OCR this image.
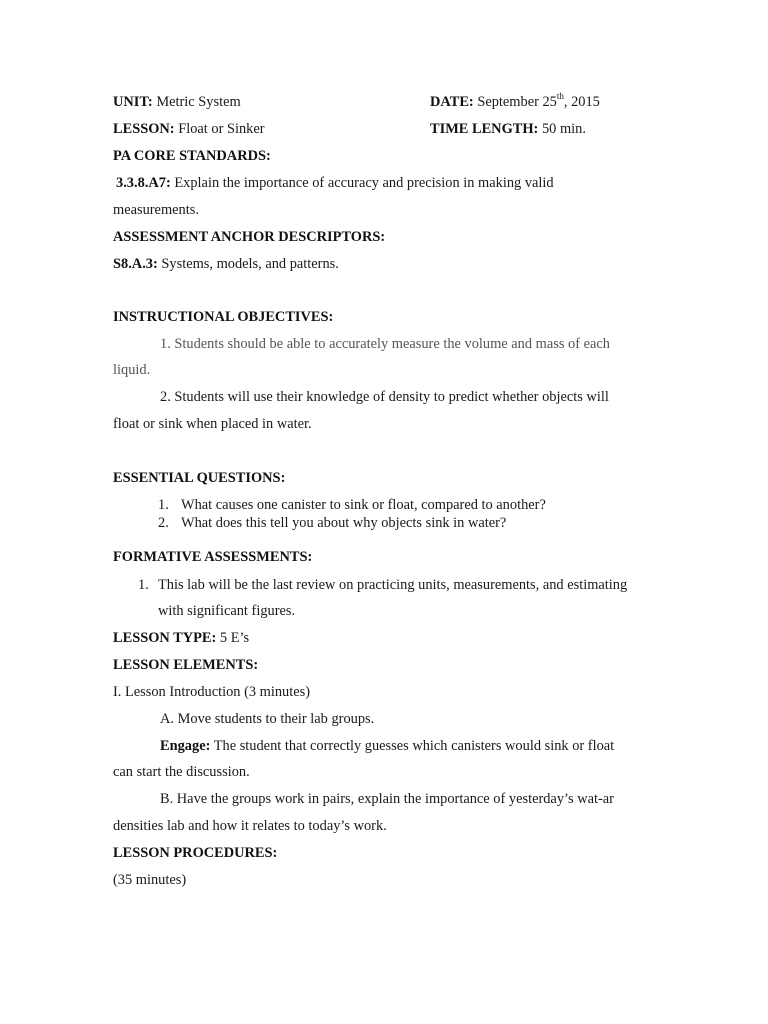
UNIT: Metric System	DATE: September 25th, 2015
LESSON: Float or Sinker	TIME LENGTH: 50 min.
PA CORE STANDARDS:
3.3.8.A7: Explain the importance of accuracy and precision in making valid
measurements.
ASSESSMENT ANCHOR DESCRIPTORS:
S8.A.3: Systems, models, and patterns.
INSTRUCTIONAL OBJECTIVES:
1. Students should be able to accurately measure the volume and mass of each
liquid.
2. Students will use their knowledge of density to predict whether objects will
float or sink when placed in water.
ESSENTIAL QUESTIONS:
1. What causes one canister to sink or float, compared to another?
2. What does this tell you about why objects sink in water?
FORMATIVE ASSESSMENTS:
1. This lab will be the last review on practicing units, measurements, and estimating
with significant figures.
LESSON TYPE: 5 E’s
LESSON ELEMENTS:
I. Lesson Introduction (3 minutes)
A. Move students to their lab groups.
Engage: The student that correctly guesses which canisters would sink or float
can start the discussion.
B. Have the groups work in pairs, explain the importance of yesterday’s wat-ar
densities lab and how it relates to today’s work.
LESSON PROCEDURES:
(35 minutes)
